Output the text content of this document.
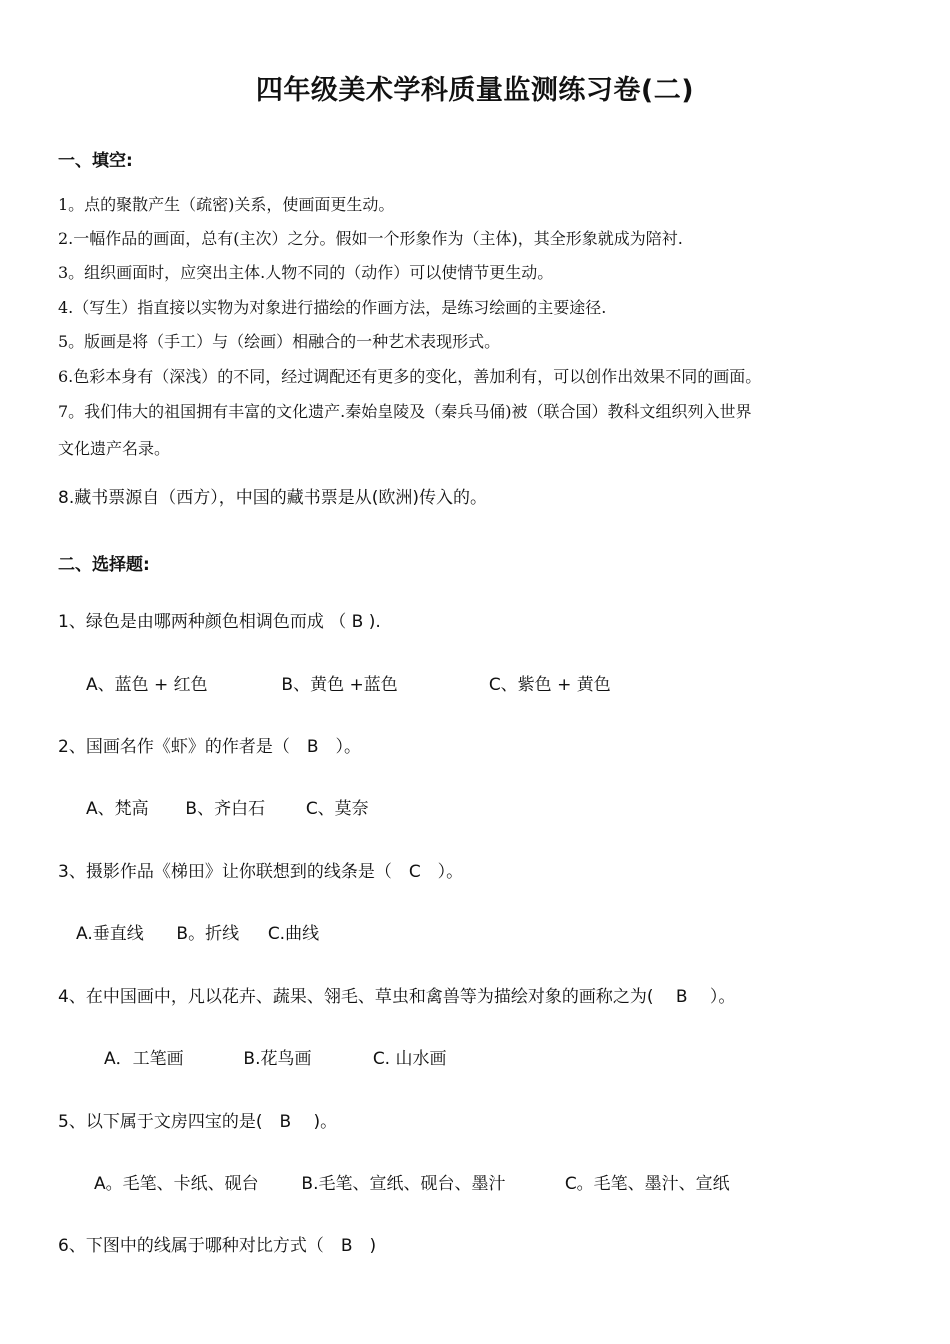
四年级美术学科质量监测练习卷(二)
一、填空:
1。点的聚散产生（疏密)关系，使画面更生动。
2.一幅作品的画面，总有(主次）之分。假如一个形象作为（主体)，其全形象就成为陪衬.
3。组织画面时，应突出主体.人物不同的（动作）可以使情节更生动。
4.（写生）指直接以实物为对象进行描绘的作画方法，是练习绘画的主要途径.
5。版画是将（手工）与（绘画）相融合的一种艺术表现形式。
6.色彩本身有（深浅）的不同，经过调配还有更多的变化，善加利有，可以创作出效果不同的画面。
7。我们伟大的祖国拥有丰富的文化遗产.秦始皇陵及（秦兵马俑)被（联合国）教科文组织列入世界
文化遗产名录。
8.藏书票源自（西方），中国的藏书票是从(欧洲)传入的。
二、选择题:
1、绿色是由哪两种颜色相调色而成 （ B ).
A、蓝色 + 红色	B、黄色 +蓝色	C、紫色 + 黄色
2、国画名作《虾》的作者是（　B　）。
A、梵高 B、齐白石 C、莫奈
3、摄影作品《梯田》让你联想到的线条是（　C　）。
A.垂直线 B。折线 C.曲线
4、在中国画中，凡以花卉、蔬果、翎毛、草虫和禽兽等为描绘对象的画称之为(　 B　 ）。
A．工笔画	B.花鸟画	C. 山水画
5、以下属于文房四宝的是(　B　 )。
A。毛笔、卡纸、砚台	B.毛笔、宣纸、砚台、墨汁	C。毛笔、墨汁、宣纸
6、下图中的线属于哪种对比方式（　B　)
